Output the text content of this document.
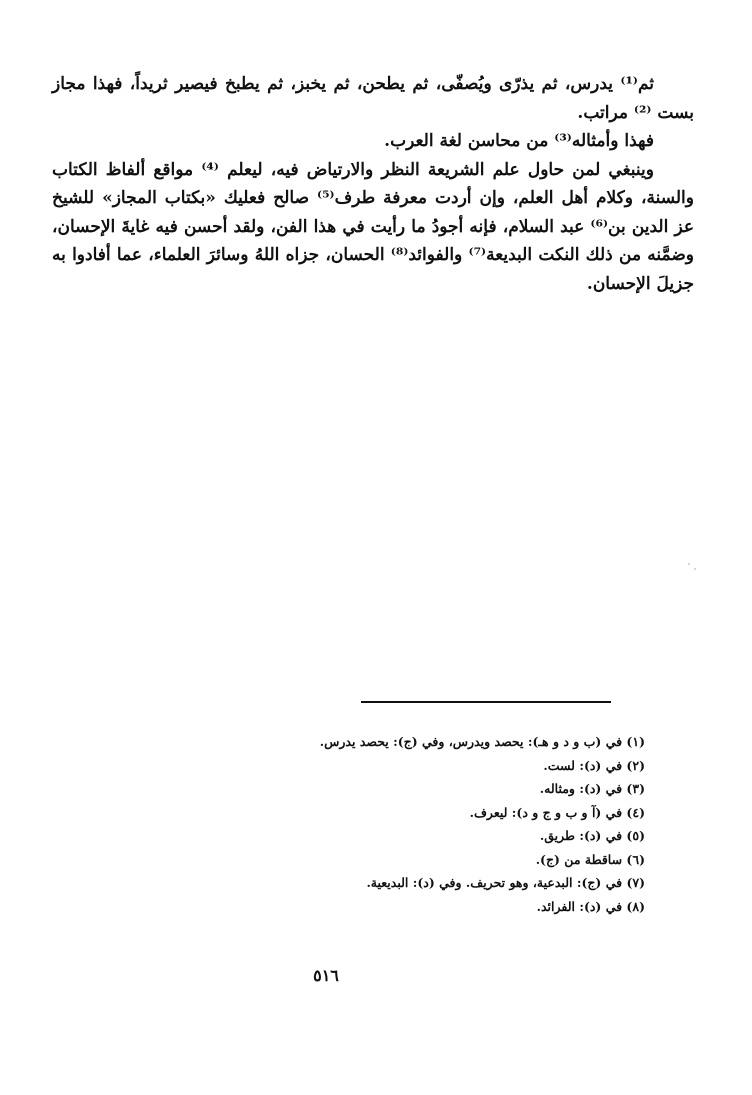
ثم⁽¹⁾ يدرس، ثم يذرّى ويُصفّى، ثم يطحن، ثم يخبز، ثم يطبخ فيصير ثريداً، فهذا مجاز بست ⁽²⁾ مراتب.

فهذا وأمثاله⁽³⁾ من محاسن لغة العرب.

وينبغي لمن حاول علم الشريعة النظر والارتياض فيه، ليعلم ⁽⁴⁾ مواقع ألفاظ الكتاب والسنة، وكلام أهل العلم، وإن أردت معرفة طرف⁽⁵⁾ صالح فعليك «بكتاب المجاز» للشيخ عز الدين بن⁽⁶⁾ عبد السلام، فإنه أجودُ ما رأيت في هذا الفن، ولقد أحسن فيه غايةَ الإحسان، وضمَّنه من ذلك النكت البديعة⁽⁷⁾ والفوائد⁽⁸⁾ الحسان، جزاه اللهُ وسائرَ العلماء، عما أفادوا به جزيلَ الإحسان.

(١) في (ب و د و هـ): يحصد ويدرس، وفي (ج): يحصد يدرس.
(٢) في (د): لست.
(٣) في (د): ومثاله.
(٤) في (آ و ب و ج و د): ليعرف.
(٥) في (د): طريق.
(٦) ساقطة من (ج).
(٧) في (ج): البدعية، وهو تحريف. وفي (د): البديعية.
(٨) في (د): الفرائد.
٥١٦
